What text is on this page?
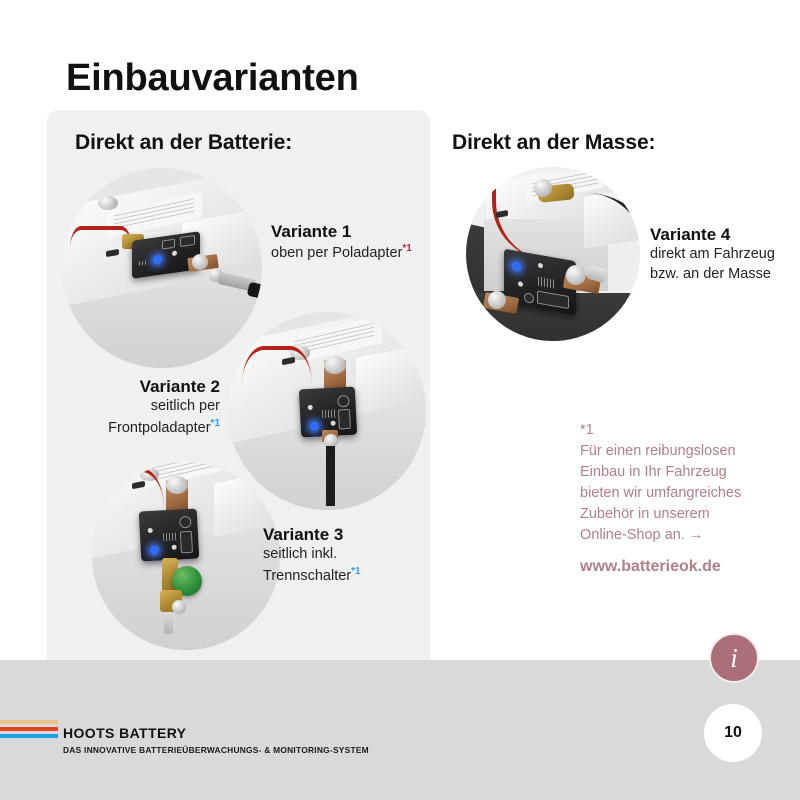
Einbauvarianten
Direkt an der Batterie:	Direkt an der Masse:
Variante 1
oben per Poladapter$^{*1}$
Variante 2
seitlich per
Frontpoladapter$^{*1}$
Variante 3
seitlich inkl.
Trennschalter$^{*1}$
Variante 4
direkt am Fahrzeug
bzw. an der Masse
*1
Für einen reibungslosen
Einbau in Ihr Fahrzeug
bieten wir umfangreiches
Zubehör in unserem
Online-Shop an. →
www.batterieok.de
HOOTS BATTERY
DAS INNOVATIVE BATTERIEÜBERWACHUNGS- & MONITORING-SYSTEM
i
10
